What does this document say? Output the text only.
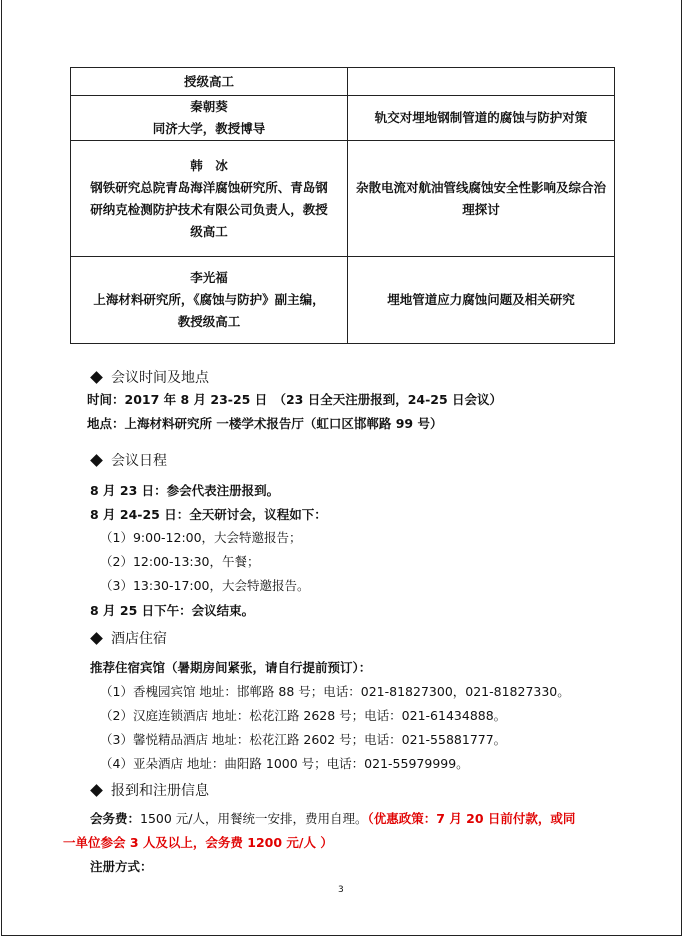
授级高工	

秦朝葵
同济大学，教授博导	轨交对埋地钢制管道的腐蚀与防护对策

韩　冰
钢铁研究总院青岛海洋腐蚀研究所、青岛钢
研纳克检测防护技术有限公司负责人，教授
级高工	杂散电流对航油管线腐蚀安全性影响及综合治理探讨

李光福
上海材料研究所，《腐蚀与防护》副主编，
教授级高工	埋地管道应力腐蚀问题及相关研究
会议时间及地点
时间：2017 年 8 月 23-25 日　（23 日全天注册报到，24-25 日会议）
地点：上海材料研究所 一楼学术报告厅（虹口区邯郸路 99 号）
会议日程
8 月 23 日：参会代表注册报到。
8 月 24-25 日：全天研讨会，议程如下：
（1）9:00-12:00，大会特邀报告；
（2）12:00-13:30，午餐；
（3）13:30-17:00，大会特邀报告。
8 月 25 日下午：会议结束。
酒店住宿
推荐住宿宾馆（暑期房间紧张，请自行提前预订）：
（1）香槐园宾馆 地址：邯郸路 88 号；电话：021-81827300，021-81827330。
（2）汉庭连锁酒店 地址：松花江路 2628 号；电话：021-61434888。
（3）馨悦精品酒店 地址：松花江路 2602 号；电话：021-55881777。
（4）亚朵酒店 地址：曲阳路 1000 号；电话：021-55979999。
报到和注册信息
会务费：1500 元/人，用餐统一安排，费用自理。（优惠政策：7 月 20 日前付款，或同
一单位参会 3 人及以上，会务费 1200 元/人 ）
注册方式：
3
